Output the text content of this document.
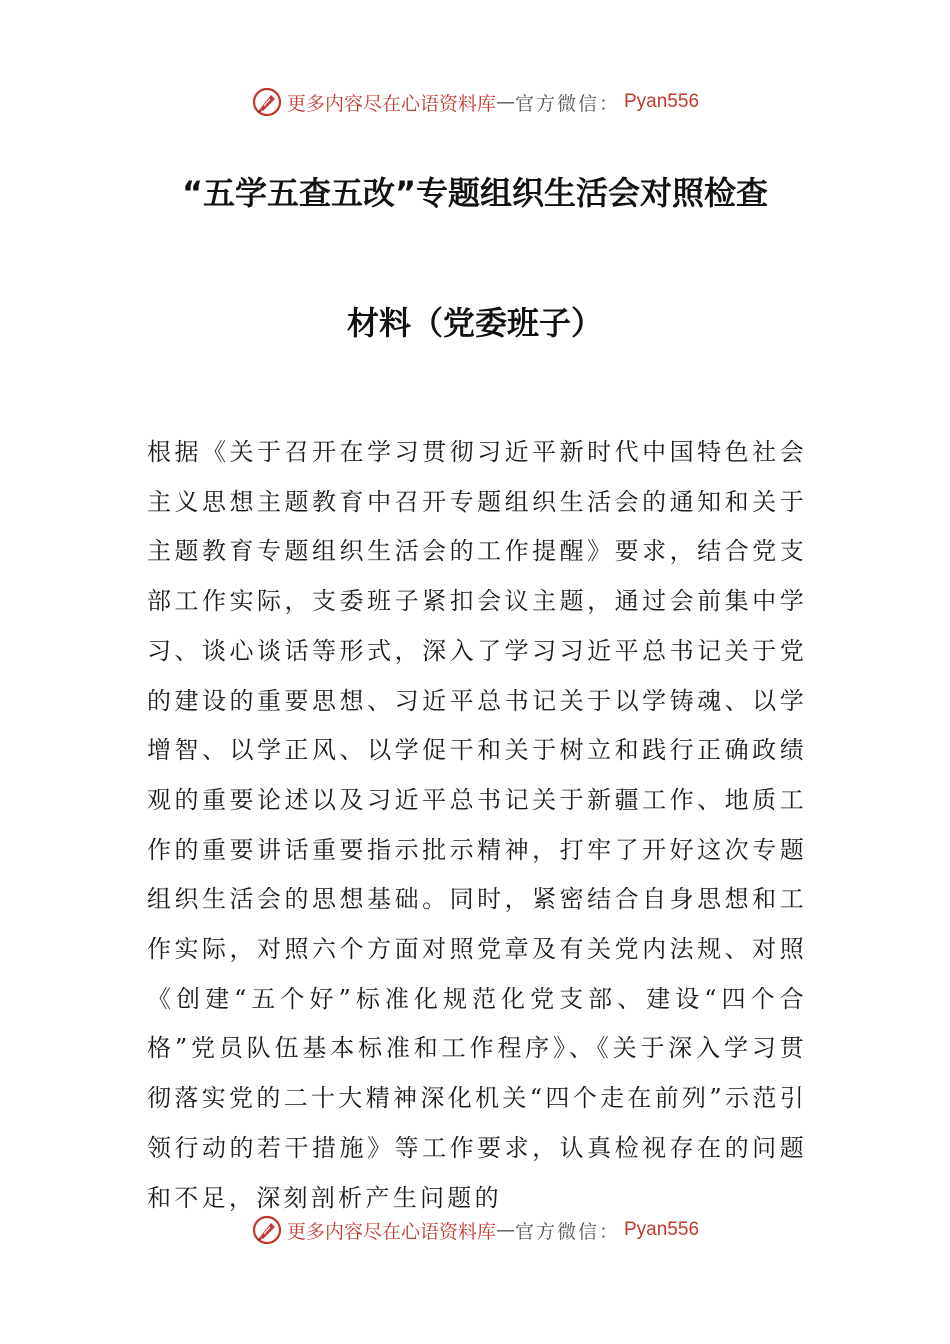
更多内容尽在心语资料库 — 官方微信： Pyan556
“五学五查五改”专题组织生活会对照检查
材料（党委班子）

根据《关于召开在学习贯彻习近平新时代中国特色社会主义思想主题教育中召开专题组织生活会的通知和关于主题教育专题组织生活会的工作提醒》要求，结合党支部工作实际，支委班子紧扣会议主题，通过会前集中学习、谈心谈话等形式，深入了学习习近平总书记关于党的建设的重要思想、习近平总书记关于以学铸魂、以学增智、以学正风、以学促干和关于树立和践行正确政绩观的重要论述以及习近平总书记关于新疆工作、地质工作的重要讲话重要指示批示精神，打牢了开好这次专题组织生活会的思想基础。同时，紧密结合自身思想和工作实际，对照六个方面对照党章及有关党内法规、对照《创建“五个好”标准化规范化党支部、建设“四个合格”党员队伍基本标准和工作程序》、《关于深入学习贯彻落实党的二十大精神深化机关“四个走在前列”示范引领行动的若干措施》等工作要求，认真检视存在的问题和不足，深刻剖析产生问题的

更多内容尽在心语资料库 — 官方微信： Pyan556
